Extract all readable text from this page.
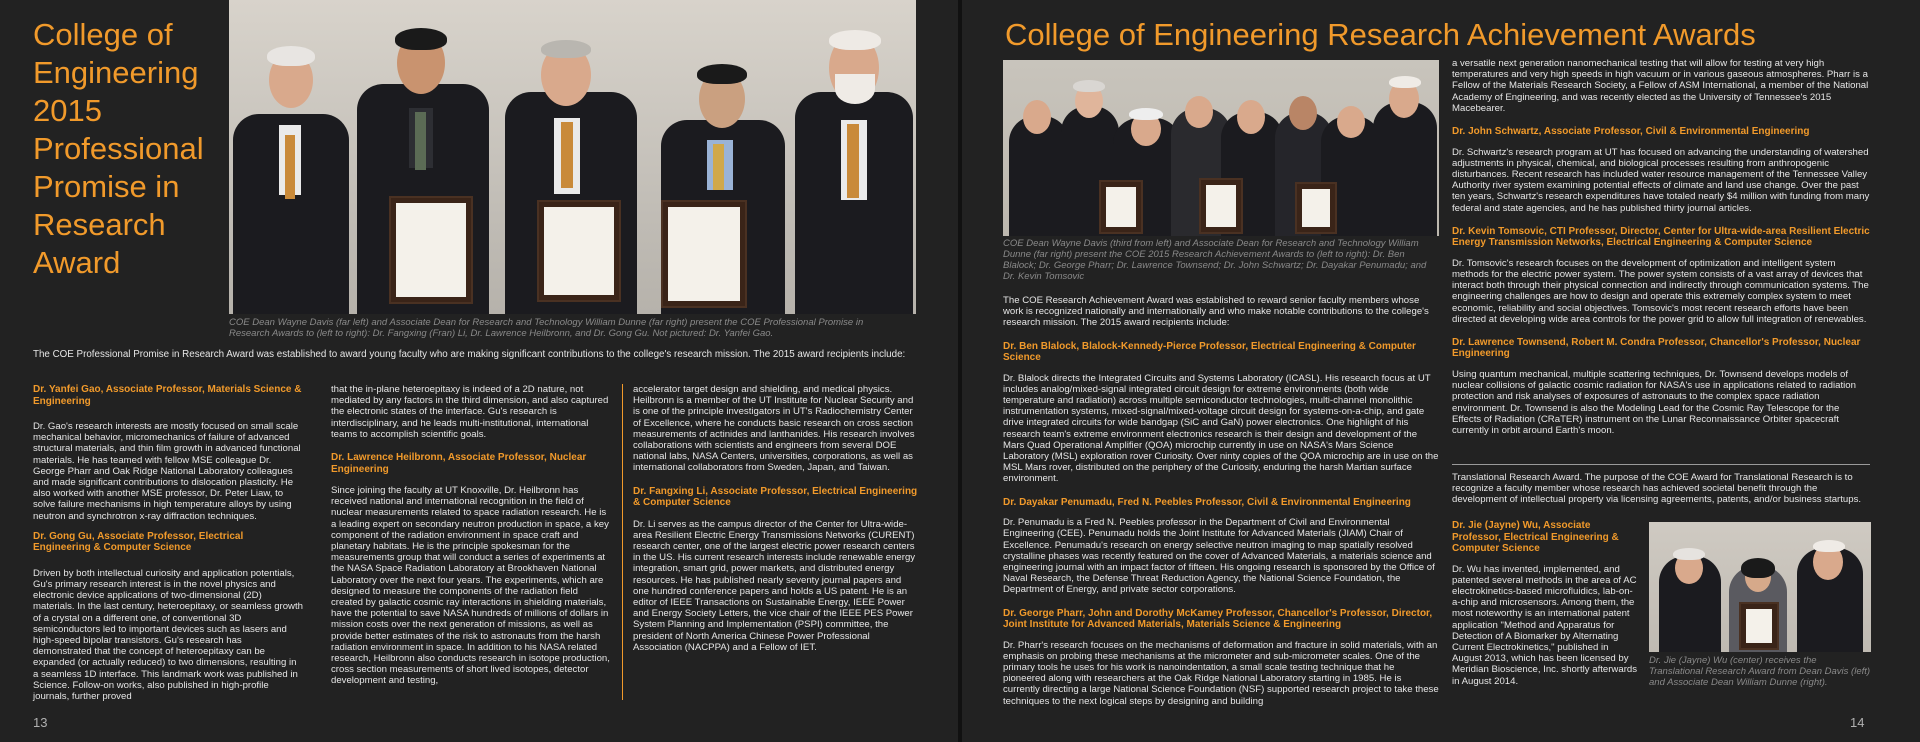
College of Engineering 2015 Professional Promise in Research Award
COE Dean Wayne Davis (far left) and Associate Dean for Research and Technology William Dunne (far right) present the COE Professional Promise in Research Awards to (left to right): Dr. Fangxing (Fran) Li, Dr. Lawrence Heilbronn, and Dr. Gong Gu. Not pictured: Dr. Yanfei Gao.
The COE Professional Promise in Research Award was established to award young faculty who are making significant contributions to the college's research mission. The 2015 award recipients include:
Dr. Yanfei Gao, Associate Professor, Materials Science & Engineering
Dr. Gao's research interests are mostly focused on small scale mechanical behavior, micromechanics of failure of advanced structural materials, and thin film growth in advanced functional materials. He has teamed with fellow MSE colleague Dr. George Pharr and Oak Ridge National Laboratory colleagues and made significant contributions to dislocation plasticity. He also worked with another MSE professor, Dr. Peter Liaw, to solve failure mechanisms in high temperature alloys by using neutron and synchrotron x-ray diffraction techniques.
Dr. Gong Gu, Associate Professor, Electrical Engineering & Computer Science
Driven by both intellectual curiosity and application potentials, Gu's primary research interest is in the novel physics and electronic device applications of two-dimensional (2D) materials. In the last century, heteroepitaxy, or seamless growth of a crystal on a different one, of conventional 3D semiconductors led to important devices such as lasers and high-speed bipolar transistors. Gu's research has demonstrated that the concept of heteroepitaxy can be expanded (or actually reduced) to two dimensions, resulting in a seamless 1D interface. This landmark work was published in Science. Follow-on works, also published in high-profile journals, further proved
that the in-plane heteroepitaxy is indeed of a 2D nature, not mediated by any factors in the third dimension, and also captured the electronic states of the interface. Gu's research is interdisciplinary, and he leads multi-institutional, international teams to accomplish scientific goals.
Dr. Lawrence Heilbronn, Associate Professor, Nuclear Engineering
Since joining the faculty at UT Knoxville, Dr. Heilbronn has received national and international recognition in the field of nuclear measurements related to space radiation research. He is a leading expert on secondary neutron production in space, a key component of the radiation environment in space craft and planetary habitats. He is the principle spokesman for the measurements group that will conduct a series of experiments at the NASA Space Radiation Laboratory at Brookhaven National Laboratory over the next four years. The experiments, which are designed to measure the components of the radiation field created by galactic cosmic ray interactions in shielding materials, have the potential to save NASA hundreds of millions of dollars in mission costs over the next generation of missions, as well as provide better estimates of the risk to astronauts from the harsh radiation environment in space. In addition to his NASA related research, Heilbronn also conducts research in isotope production, cross section measurements of short lived isotopes, detector development and testing,
accelerator target design and shielding, and medical physics. Heilbronn is a member of the UT Institute for Nuclear Security and is one of the principle investigators in UT's Radiochemistry Center of Excellence, where he conducts basic research on cross section measurements of actinides and lanthanides. His research involves collaborations with scientists and engineers from several DOE national labs, NASA Centers, universities, corporations, as well as international collaborators from Sweden, Japan, and Taiwan.
Dr. Fangxing Li, Associate Professor, Electrical Engineering & Computer Science
Dr. Li serves as the campus director of the Center for Ultra-wide-area Resilient Electric Energy Transmissions Networks (CURENT) research center, one of the largest electric power research centers in the US. His current research interests include renewable energy integration, smart grid, power markets, and distributed energy resources. He has published nearly seventy journal papers and one hundred conference papers and holds a US patent. He is an editor of IEEE Transactions on Sustainable Energy, IEEE Power and Energy Society Letters, the vice chair of the IEEE PES Power System Planning and Implementation (PSPI) committee, the president of North America Chinese Power Professional Association (NACPPA) and a Fellow of IET.
13
College of Engineering Research Achievement Awards
COE Dean Wayne Davis (third from left) and Associate Dean for Research and Technology William Dunne (far right) present the COE 2015 Research Achievement Awards to (left to right): Dr. Ben Blalock; Dr. George Pharr; Dr. Lawrence Townsend; Dr. John Schwartz; Dr. Dayakar Penumadu; and Dr. Kevin Tomsovic
The COE Research Achievement Award was established to reward senior faculty members whose work is recognized nationally and internationally and who make notable contributions to the college's research mission. The 2015 award recipients include:
Dr. Ben Blalock, Blalock-Kennedy-Pierce Professor, Electrical Engineering & Computer Science
Dr. Blalock directs the Integrated Circuits and Systems Laboratory (ICASL). His research focus at UT includes analog/mixed-signal integrated circuit design for extreme environments (both wide temperature and radiation) across multiple semiconductor technologies, multi-channel monolithic instrumentation systems, mixed-signal/mixed-voltage circuit design for systems-on-a-chip, and gate drive integrated circuits for wide bandgap (SiC and GaN) power electronics. One highlight of his research team's extreme environment electronics research is their design and development of the Mars Quad Operational Amplifier (QOA) microchip currently in use on NASA's Mars Science Laboratory (MSL) exploration rover Curiosity. Over ninty copies of the QOA microchip are in use on the MSL Mars rover, distributed on the periphery of the Curiosity, enduring the harsh Martian surface environment.
Dr. Dayakar Penumadu, Fred N. Peebles Professor, Civil & Environmental Engineering
Dr. Penumadu is a Fred N. Peebles professor in the Department of Civil and Environmental Engineering (CEE). Penumadu holds the Joint Institute for Advanced Materials (JIAM) Chair of Excellence. Penumadu's research on energy selective neutron imaging to map spatially resolved crystalline phases was recently featured on the cover of Advanced Materials, a materials science and engineering journal with an impact factor of fifteen. His ongoing research is sponsored by the Office of Naval Research, the Defense Threat Reduction Agency, the National Science Foundation, the Department of Energy, and private sector corporations.
Dr. George Pharr, John and Dorothy McKamey Professor, Chancellor's Professor, Director, Joint Institute for Advanced Materials, Materials Science & Engineering
Dr. Pharr's research focuses on the mechanisms of deformation and fracture in solid materials, with an emphasis on probing these mechanisms at the micrometer and sub-micrometer scales. One of the primary tools he uses for his work is nanoindentation, a small scale testing technique that he pioneered along with researchers at the Oak Ridge National Laboratory starting in 1985. He is currently directing a large National Science Foundation (NSF) supported research project to take these techniques to the next logical steps by designing and building
a versatile next generation nanomechanical testing that will allow for testing at very high temperatures and very high speeds in high vacuum or in various gaseous atmospheres. Pharr is a Fellow of the Materials Research Society, a Fellow of ASM International, a member of the National Academy of Engineering, and was recently elected as the University of Tennessee's 2015 Macebearer.
Dr. John Schwartz, Associate Professor, Civil & Environmental Engineering
Dr. Schwartz's research program at UT has focused on advancing the understanding of watershed adjustments in physical, chemical, and biological processes resulting from anthropogenic disturbances. Recent research has included water resource management of the Tennessee Valley Authority river system examining potential effects of climate and land use change. Over the past ten years, Schwartz's research expenditures have totaled nearly $4 million with funding from many federal and state agencies, and he has published thirty journal articles.
Dr. Kevin Tomsovic, CTI Professor, Director, Center for Ultra-wide-area Resilient Electric Energy Transmission Networks, Electrical Engineering & Computer Science
Dr. Tomsovic's research focuses on the development of optimization and intelligent system methods for the electric power system. The power system consists of a vast array of devices that interact both through their physical connection and indirectly through communication systems. The engineering challenges are how to design and operate this extremely complex system to meet economic, reliability and social objectives. Tomsovic's most recent research efforts have been directed at developing wide area controls for the power grid to allow full integration of renewables.
Dr. Lawrence Townsend, Robert M. Condra Professor, Chancellor's Professor, Nuclear Engineering
Using quantum mechanical, multiple scattering techniques, Dr. Townsend develops models of nuclear collisions of galactic cosmic radiation for NASA's use in applications related to radiation protection and risk analyses of exposures of astronauts to the complex space radiation environment. Dr. Townsend is also the Modeling Lead for the Cosmic Ray Telescope for the Effects of Radiation (CRaTER) instrument on the Lunar Reconnaissance Orbiter spacecraft currently in orbit around Earth's moon.
Translational Research Award. The purpose of the COE Award for Translational Research is to recognize a faculty member whose research has achieved societal benefit through the development of intellectual property via licensing agreements, patents, and/or business startups.
Dr. Jie (Jayne) Wu, Associate Professor, Electrical Engineering & Computer Science
Dr. Wu has invented, implemented, and patented several methods in the area of AC electrokinetics-based microfluidics, lab-on-a-chip and microsensors. Among them, the most noteworthy is an international patent application "Method and Apparatus for Detection of A Biomarker by Alternating Current Electrokinetics," published in August 2013, which has been licensed by Meridian Bioscience, Inc. shortly afterwards in August 2014.
Dr. Jie (Jayne) Wu (center) receives the Translational Research Award from Dean Davis (left) and Associate Dean William Dunne (right).
14
